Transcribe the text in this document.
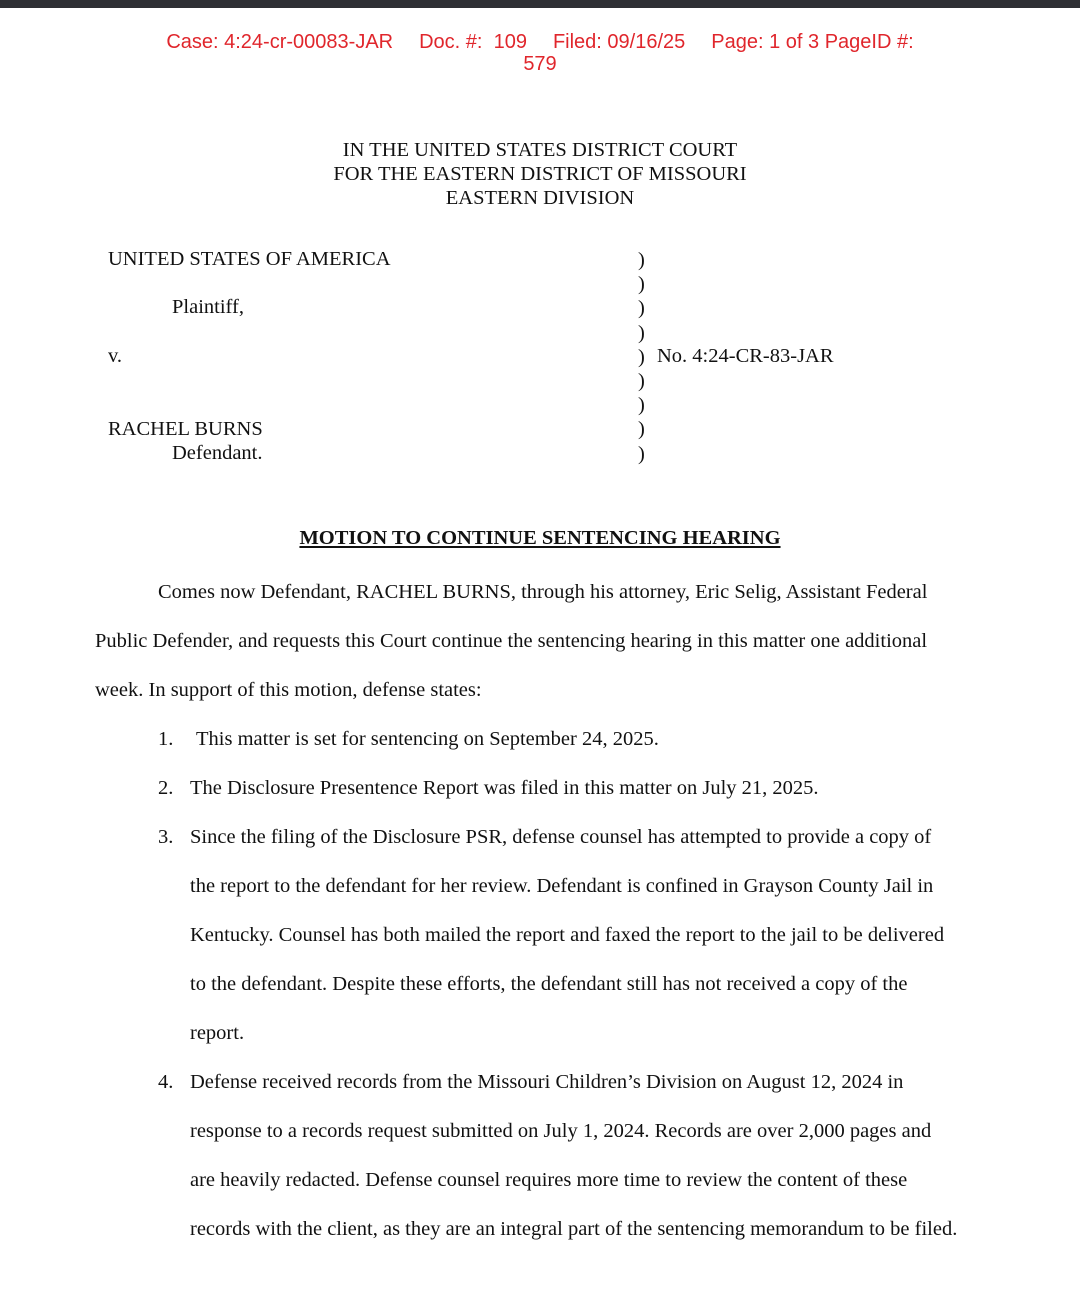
Case: 4:24-cr-00083-JAR Doc. #:  109 Filed: 09/16/25 Page: 1 of 3 PageID #:
579
IN THE UNITED STATES DISTRICT COURT
FOR THE EASTERN DISTRICT OF MISSOURI
EASTERN DIVISION
UNITED STATES OF AMERICA
Plaintiff,
v.
RACHEL BURNS
Defendant.
No. 4:24-CR-83-JAR
)
)
)
)
)
)
)
)
)
MOTION TO CONTINUE SENTENCING HEARING

Comes now Defendant, RACHEL BURNS, through his attorney, Eric Selig, Assistant Federal
Public Defender, and requests this Court continue the sentencing hearing in this matter one additional
week. In support of this motion, defense states:

1. This matter is set for sentencing on September 24, 2025.
2. The Disclosure Presentence Report was filed in this matter on July 21, 2025.
3. Since the filing of the Disclosure PSR, defense counsel has attempted to provide a copy of
the report to the defendant for her review. Defendant is confined in Grayson County Jail in
Kentucky. Counsel has both mailed the report and faxed the report to the jail to be delivered
to the defendant. Despite these efforts, the defendant still has not received a copy of the
report.
4. Defense received records from the Missouri Children’s Division on August 12, 2024 in
response to a records request submitted on July 1, 2024. Records are over 2,000 pages and
are heavily redacted. Defense counsel requires more time to review the content of these
records with the client, as they are an integral part of the sentencing memorandum to be filed.
